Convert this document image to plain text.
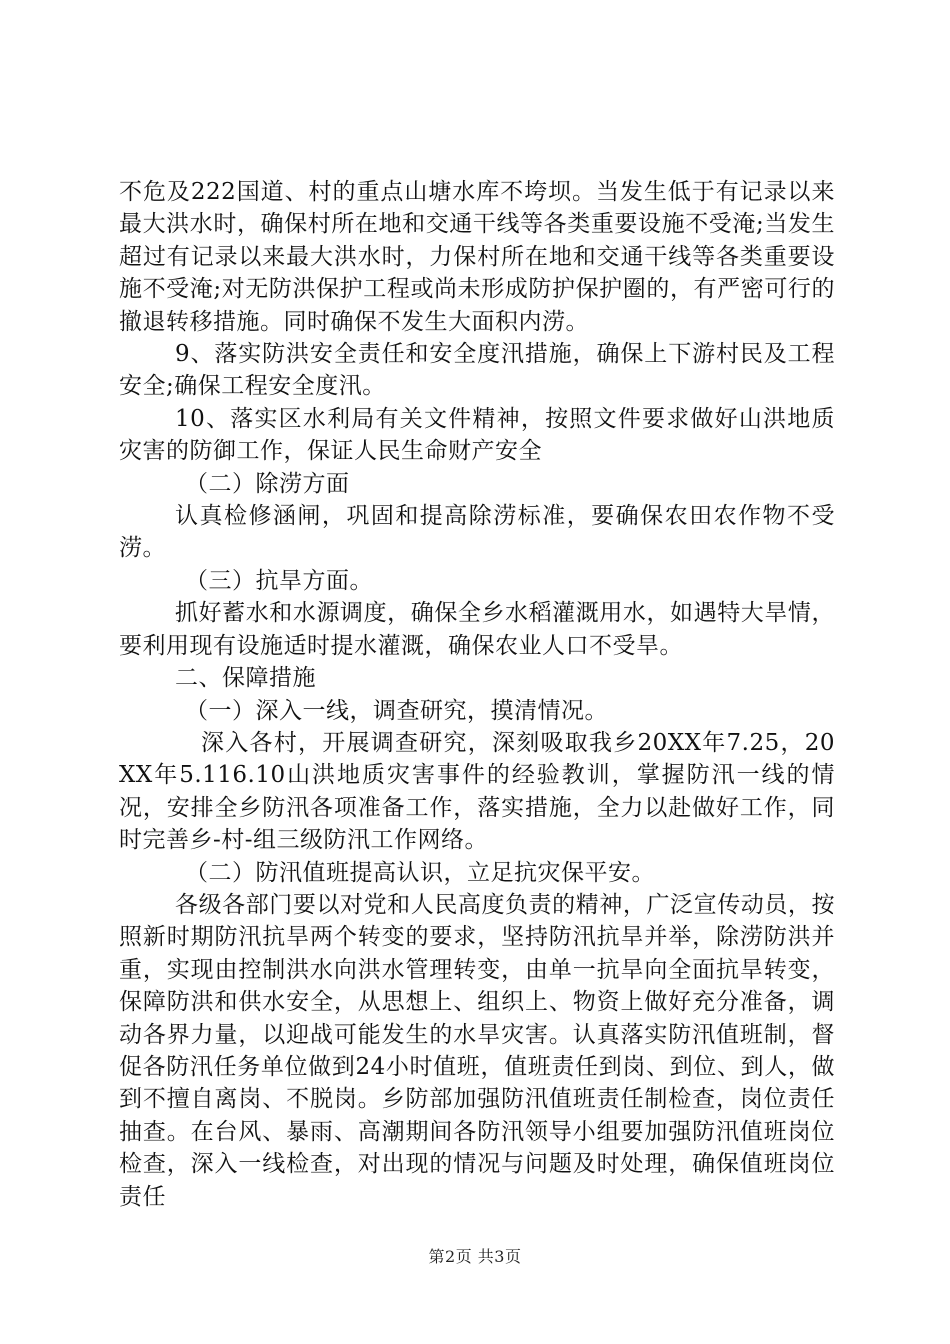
不危及222国道、村的重点山塘水库不垮坝。当发生低于有记录以来最大洪水时，确保村所在地和交通干线等各类重要设施不受淹;当发生超过有记录以来最大洪水时，力保村所在地和交通干线等各类重要设施不受淹;对无防洪保护工程或尚未形成防护保护圈的，有严密可行的撤退转移措施。同时确保不发生大面积内涝。

9、落实防洪安全责任和安全度汛措施，确保上下游村民及工程安全;确保工程安全度汛。

10、落实区水利局有关文件精神，按照文件要求做好山洪地质灾害的防御工作，保证人民生命财产安全

（二）除涝方面

认真检修涵闸，巩固和提高除涝标准，要确保农田农作物不受涝。

（三）抗旱方面。

抓好蓄水和水源调度，确保全乡水稻灌溉用水，如遇特大旱情，要利用现有设施适时提水灌溉，确保农业人口不受旱。

二、保障措施

（一）深入一线，调查研究，摸清情况。

深入各村，开展调查研究，深刻吸取我乡20XX年7.25，20XX年5.116.10山洪地质灾害事件的经验教训，掌握防汛一线的情况，安排全乡防汛各项准备工作，落实措施，全力以赴做好工作，同时完善乡-村-组三级防汛工作网络。

（二）防汛值班提高认识，立足抗灾保平安。

各级各部门要以对党和人民高度负责的精神，广泛宣传动员，按照新时期防汛抗旱两个转变的要求，坚持防汛抗旱并举，除涝防洪并重，实现由控制洪水向洪水管理转变，由单一抗旱向全面抗旱转变，保障防洪和供水安全，从思想上、组织上、物资上做好充分准备，调动各界力量，以迎战可能发生的水旱灾害。认真落实防汛值班制，督促各防汛任务单位做到24小时值班，值班责任到岗、到位、到人，做到不擅自离岗、不脱岗。乡防部加强防汛值班责任制检查，岗位责任抽查。在台风、暴雨、高潮期间各防汛领导小组要加强防汛值班岗位检查，深入一线检查，对出现的情况与问题及时处理，确保值班岗位责任

第2页 共3页
